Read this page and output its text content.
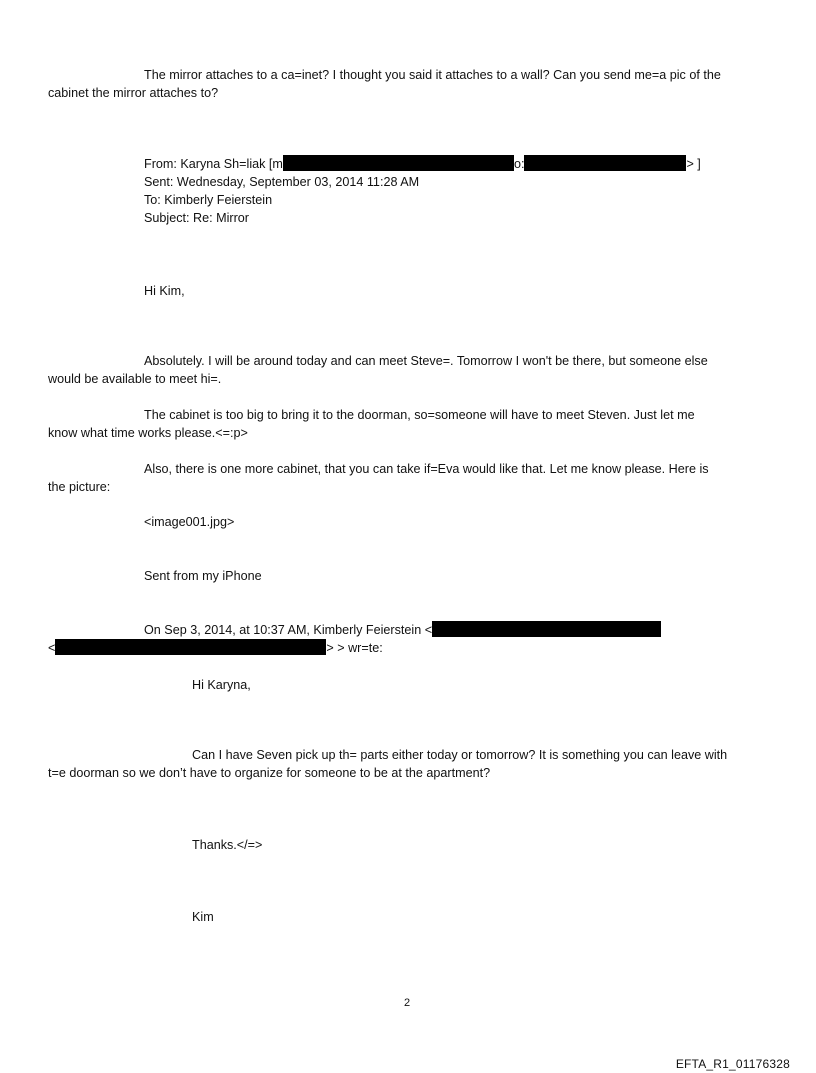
The mirror attaches to a ca=inet? I thought you said it attaches to a wall? Can you send me=a pic of the
cabinet the mirror attaches to?
From: Karyna Sh=liak [m	o:	> ]
Sent: Wednesday, September 03, 2014 11:28 AM
To: Kimberly Feierstein
Subject: Re: Mirror
Hi Kim,
Absolutely. I will be around today and can meet Steve=. Tomorrow I won't be there, but someone else
would be available to meet hi=.
The cabinet is too big to bring it to the doorman, so=someone will have to meet Steven. Just let me
know what time works please.<=:p>
Also, there is one more cabinet, that you can take if=Eva would like that. Let me know please. Here is
the picture:
<image001.jpg>
Sent from my iPhone
On Sep 3, 2014, at 10:37 AM, Kimberly Feierstein <
<	> > wr=te:
Hi Karyna,
Can I have Seven pick up th= parts either today or tomorrow? It is something you can leave with
t=e doorman so we don’t have to organize for someone to be at the apartment?
Thanks.</=>
Kim
2
EFTA_R1_01176328
